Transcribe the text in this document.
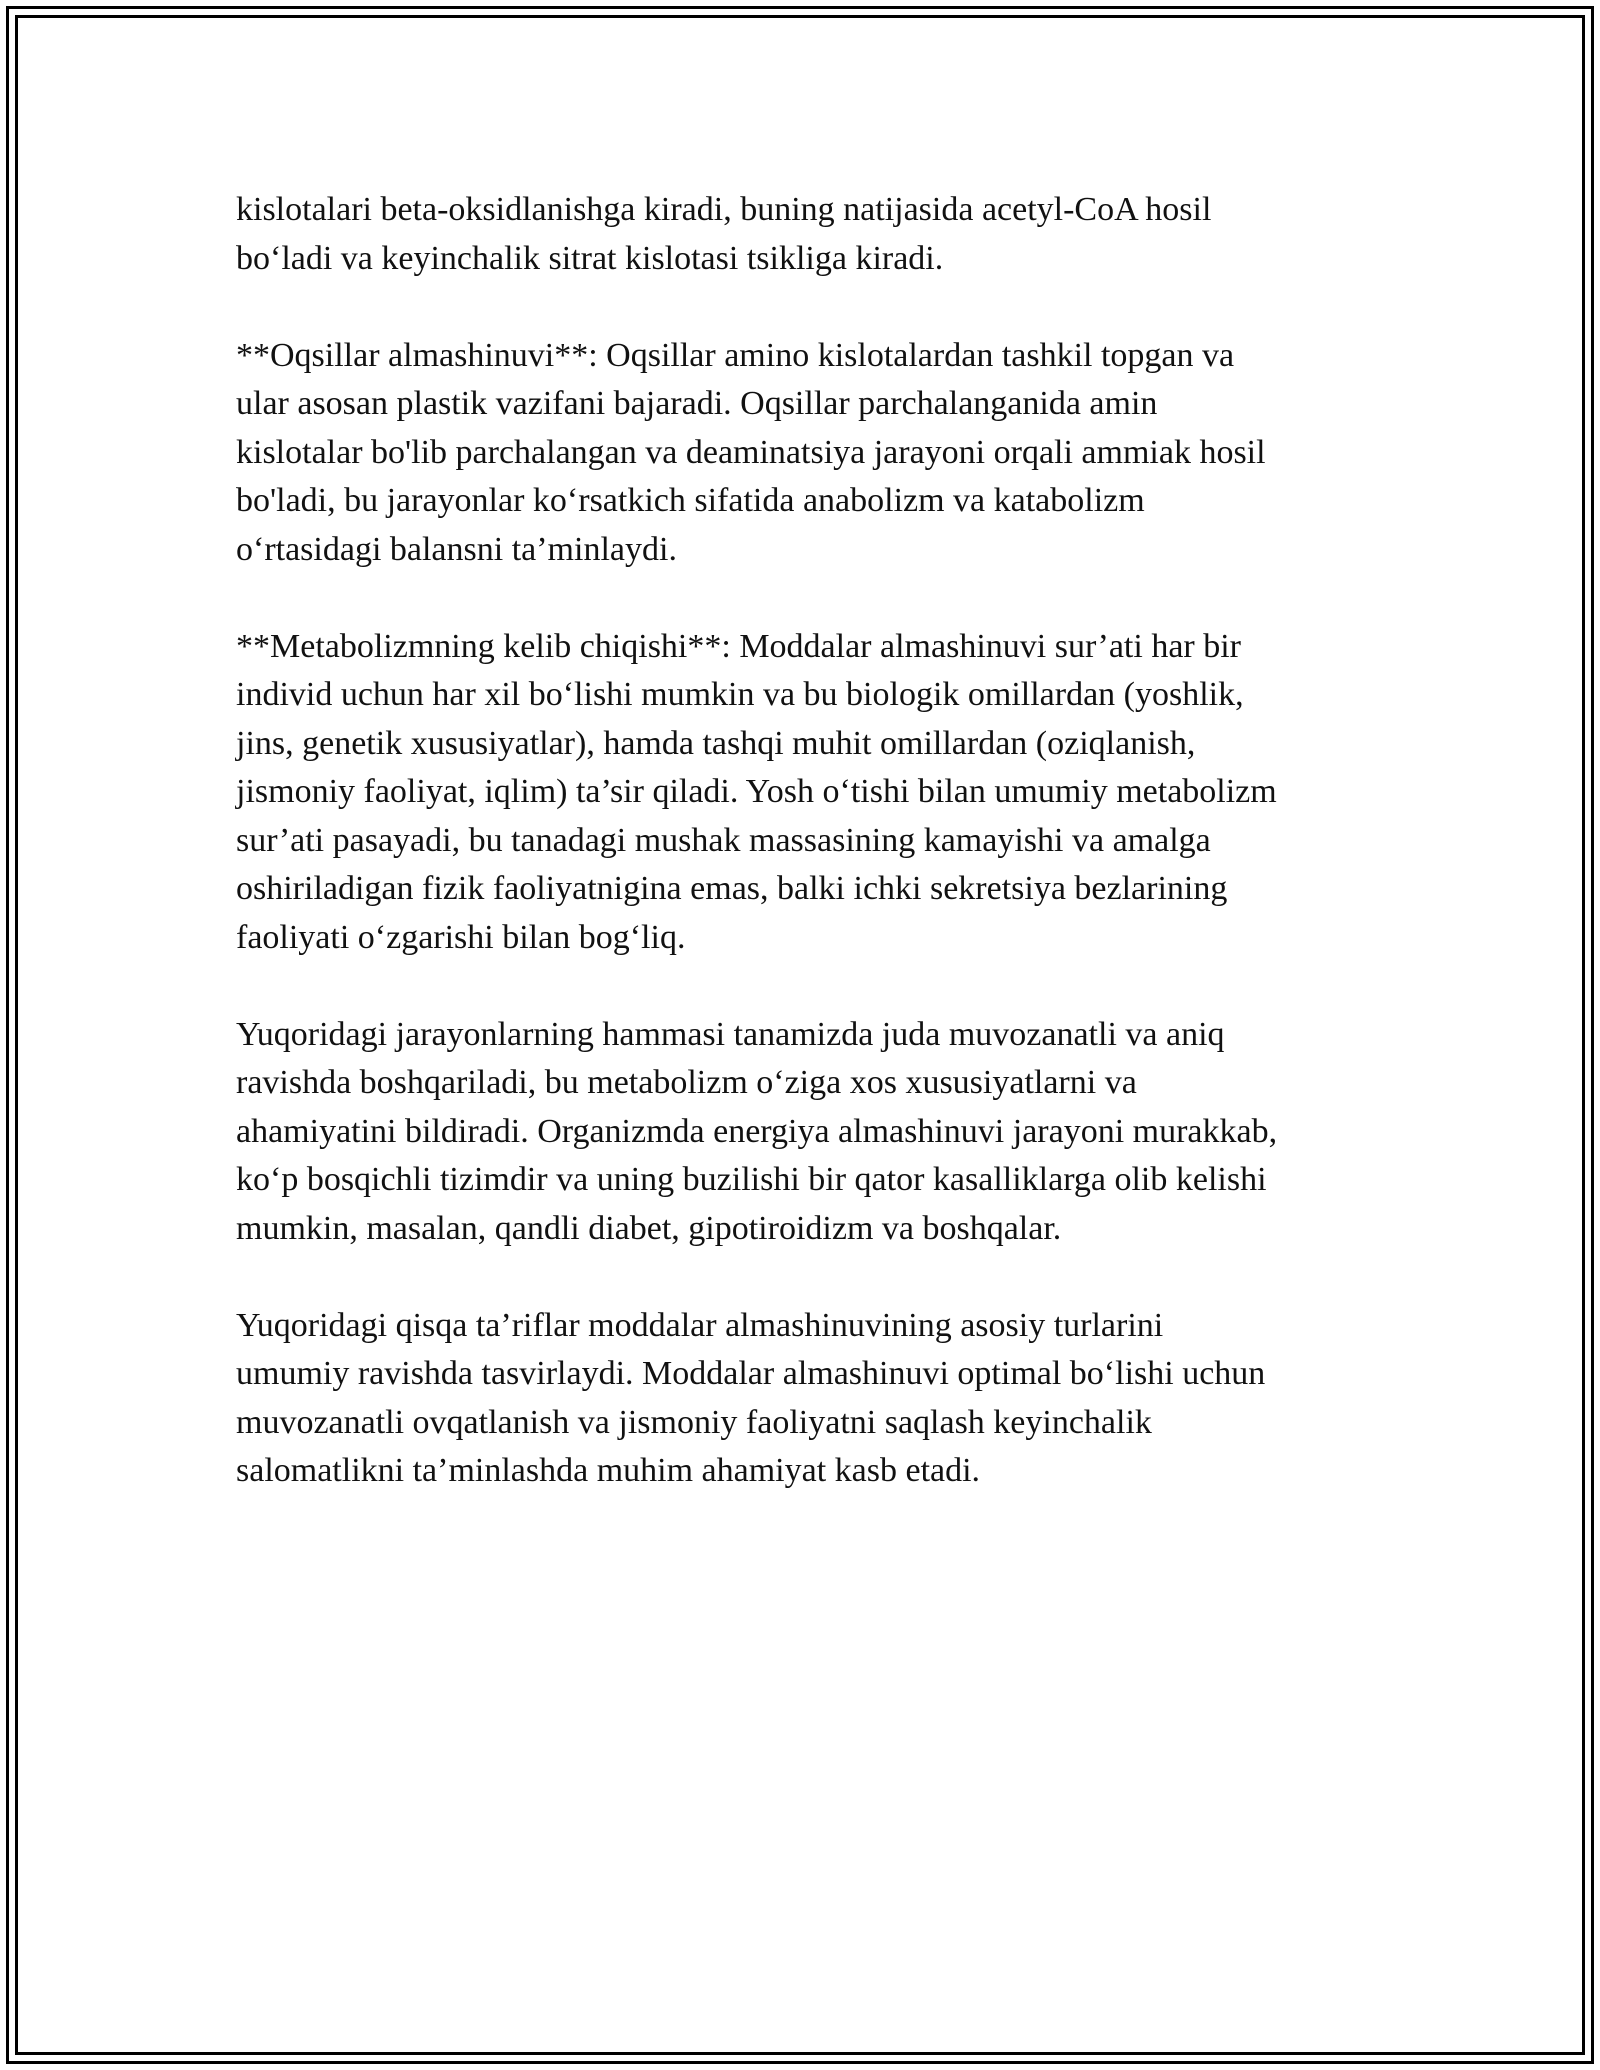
kislotalari beta-oksidlanishga kiradi, buning natijasida acetyl-CoA hosil
bo‘ladi va keyinchalik sitrat kislotasi tsikliga kiradi.

**Oqsillar almashinuvi**: Oqsillar amino kislotalardan tashkil topgan va
ular asosan plastik vazifani bajaradi. Oqsillar parchalanganida amin
kislotalar bo'lib parchalangan va deaminatsiya jarayoni orqali ammiak hosil
bo'ladi, bu jarayonlar ko‘rsatkich sifatida anabolizm va katabolizm
o‘rtasidagi balansni ta’minlaydi.

**Metabolizmning kelib chiqishi**: Moddalar almashinuvi sur’ati har bir
individ uchun har xil bo‘lishi mumkin va bu biologik omillardan (yoshlik,
jins, genetik xususiyatlar), hamda tashqi muhit omillardan (oziqlanish,
jismoniy faoliyat, iqlim) ta’sir qiladi. Yosh o‘tishi bilan umumiy metabolizm
sur’ati pasayadi, bu tanadagi mushak massasining kamayishi va amalga
oshiriladigan fizik faoliyatnigina emas, balki ichki sekretsiya bezlarining
faoliyati o‘zgarishi bilan bog‘liq.

Yuqoridagi jarayonlarning hammasi tanamizda juda muvozanatli va aniq
ravishda boshqariladi, bu metabolizm o‘ziga xos xususiyatlarni va
ahamiyatini bildiradi. Organizmda energiya almashinuvi jarayoni murakkab,
ko‘p bosqichli tizimdir va uning buzilishi bir qator kasalliklarga olib kelishi
mumkin, masalan, qandli diabet, gipotiroidizm va boshqalar.

Yuqoridagi qisqa ta’riflar moddalar almashinuvining asosiy turlarini
umumiy ravishda tasvirlaydi. Moddalar almashinuvi optimal bo‘lishi uchun
muvozanatli ovqatlanish va jismoniy faoliyatni saqlash keyinchalik
salomatlikni ta’minlashda muhim ahamiyat kasb etadi.
